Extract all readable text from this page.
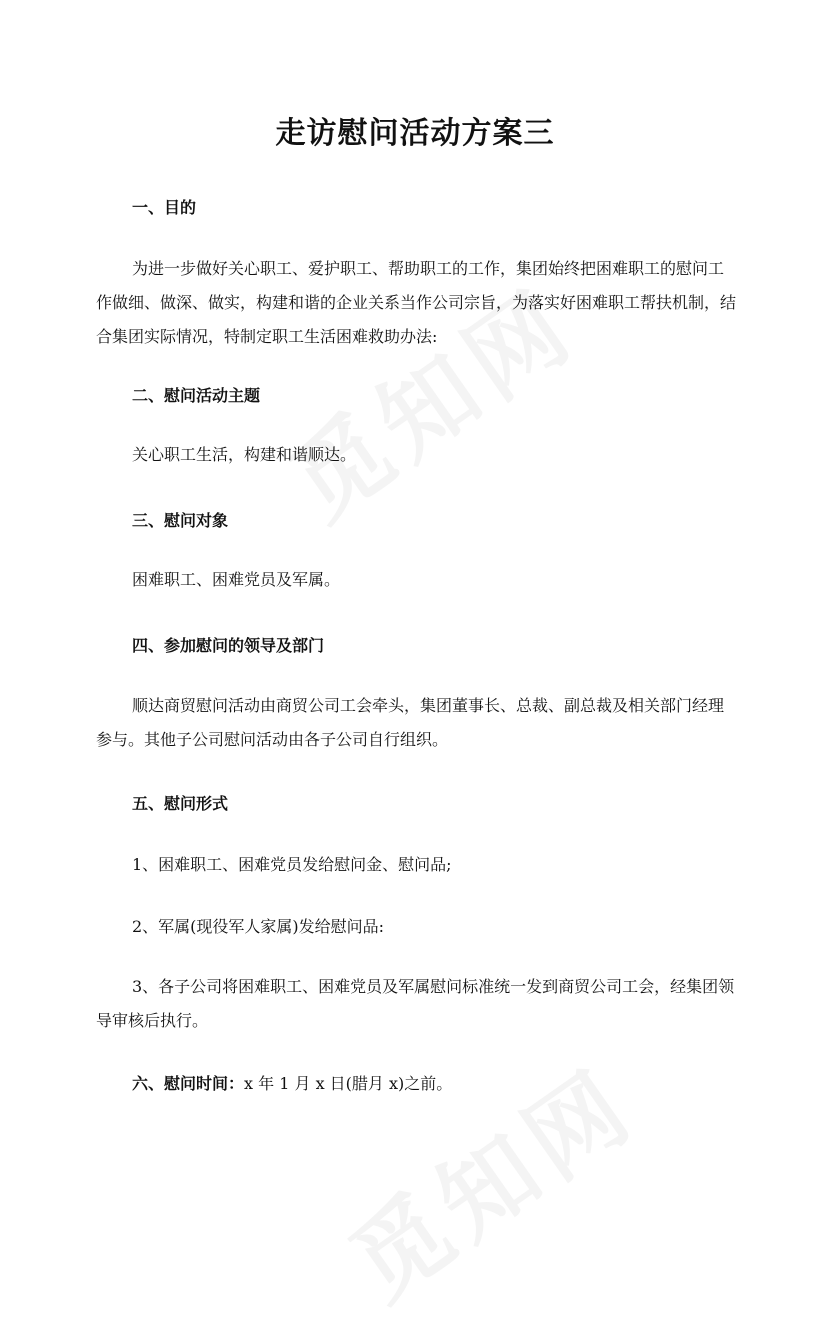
走访慰问活动方案三
一、目的

为进一步做好关心职工、爱护职工、帮助职工的工作，集团始终把困难职工的慰问工作做细、做深、做实，构建和谐的企业关系当作公司宗旨，为落实好困难职工帮扶机制，结合集团实际情况，特制定职工生活困难救助办法:

二、慰问活动主题

关心职工生活，构建和谐顺达。

三、慰问对象

困难职工、困难党员及军属。

四、参加慰问的领导及部门

顺达商贸慰问活动由商贸公司工会牵头，集团董事长、总裁、副总裁及相关部门经理参与。其他子公司慰问活动由各子公司自行组织。

五、慰问形式

1、困难职工、困难党员发给慰问金、慰问品;

2、军属(现役军人家属)发给慰问品:

3、各子公司将困难职工、困难党员及军属慰问标准统一发到商贸公司工会，经集团领导审核后执行。

六、慰问时间：x 年 1 月 x 日(腊月 x)之前。
